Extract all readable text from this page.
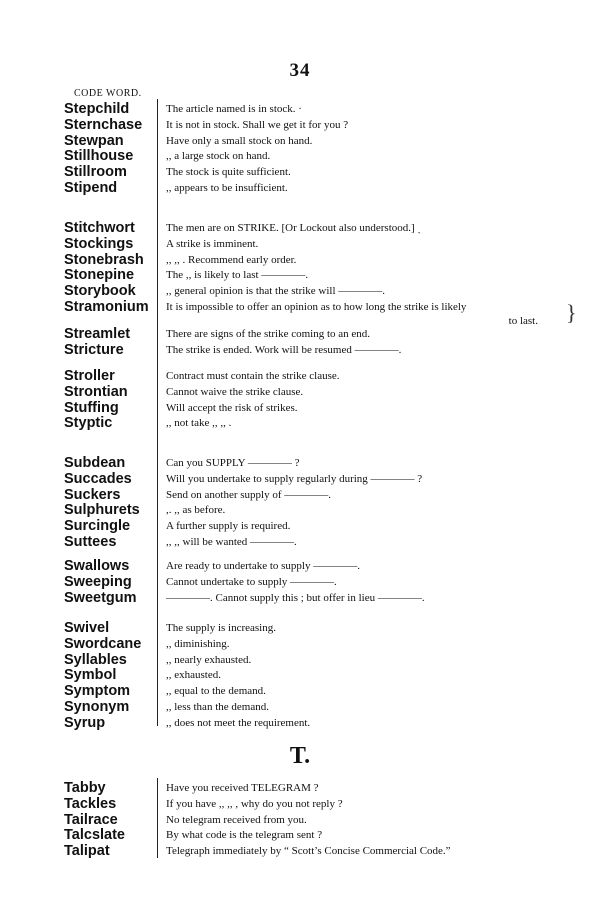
34
CODE WORD.
T.
Stepchild	The article named is in stock. ·
Sternchase It is not in stock. Shall we get it for you ?
Stewpan	Have only a small stock on hand.
Stillhouse	,, a large stock on hand.
Stillroom	The stock is quite sufficient.
Stipend	,, appears to be insufficient.
Stitchwort	The men are on STRIKE. [Or Lockout also understood.] ˎ
Stockings	A strike is imminent.
Stonebrash ,, ,, . Recommend early order.
Stonepine	The ,, is likely to last ————.
Storybook	,, general opinion is that the strike will ————.
Stramonium It is impossible to offer an opinion as to how long the strike is likely
to last. }
Streamlet	There are signs of the strike coming to an end.
Stricture	The strike is ended. Work will be resumed ————.
Stroller	Contract must contain the strike clause.
Strontian	Cannot waive the strike clause.
Stuffing	Will accept the risk of strikes.
Styptic	,, not take ,, ,, .
Subdean	Can you SUPPLY ———— ?
Succades	Will you undertake to supply regularly during ———— ?
Suckers	Send on another supply of ————.
Sulphurets ,. ,, as before.
Surcingle	A further supply is required.
Suttees	,, ,, will be wanted ————.
Swallows	Are ready to undertake to supply ————.
Sweeping	Cannot undertake to supply ————.
Sweetgum	————. Cannot supply this ; but offer in lieu ————.
Swivel	The supply is increasing.
Swordcane ,, diminishing.
Syllables	,, nearly exhausted.
Symbol	,, exhausted.
Symptom	,, equal to the demand.
Synonym	,, less than the demand.
Syrup	,, does not meet the requirement.
Tabby	Have you received TELEGRAM ?
Tackles	If you have ,, ,, , why do you not reply ?
Tailrace	No telegram received from you.
Talcslate	By what code is the telegram sent ?
Talipat	Telegraph immediately by “ Scott’s Concise Commercial Code.”
